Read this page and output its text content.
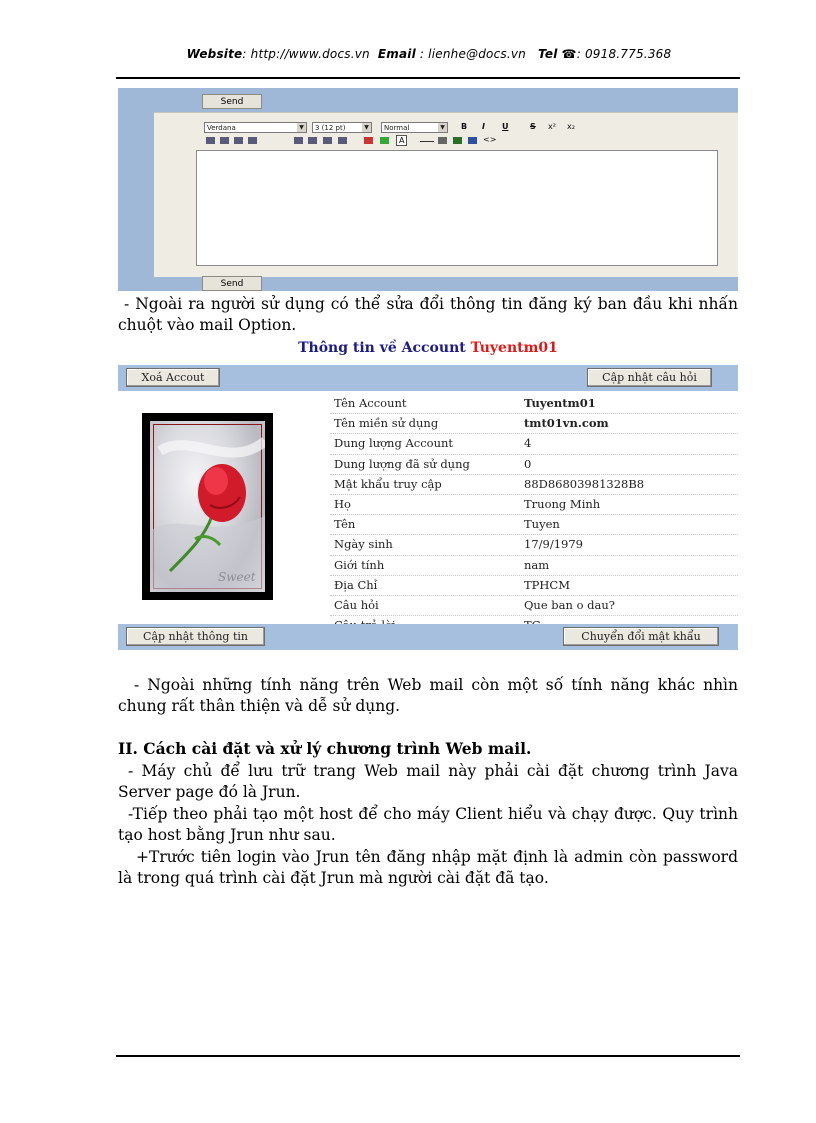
Website: http://www.docs.vn Email : lienhe@docs.vn Tel ☎: 0918.775.368
Send
Verdana	▼	3 (12 pt)	▼	Normal	▼ B I U	S x² x₂
A	<>
Send
- Ngoài ra người sử dụng có thể sửa đổi thông tin đăng ký ban đầu khi nhấn chuột vào mail Option.
Thông tin về Account Tuyentm01
Xoá Accout	Cập nhật câu hỏi
Sweet
Tên Account	Tuyentm01
Tên miền sử dụng	tmt01vn.com
Dung lượng Account	4
Dung lượng đã sử dụng	0
Mật khẩu truy cập	88D86803981328B8
Họ	Truong Minh
Tên	Tuyen
Ngày sinh	17/9/1979
Giới tính	nam
Địa Chỉ	TPHCM
Câu hỏi	Que ban o dau?
Cập nhật thông tin	Chuyển đổi mật khẩu
- Ngoài những tính năng trên Web mail còn một số tính năng khác nhìn chung rất thân thiện và dễ sử dụng.
II. Cách cài đặt và xử lý chương trình Web mail.
- Máy chủ để lưu trữ trang Web mail này phải cài đặt chương trình Java Server page đó là Jrun.
-Tiếp theo phải tạo một host để cho máy Client hiểu và chạy được. Quy trình tạo host bằng Jrun như sau.
+Trước tiên login vào Jrun tên đăng nhập mặt định là admin còn password là trong quá trình cài đặt Jrun mà người cài đặt đã tạo.
